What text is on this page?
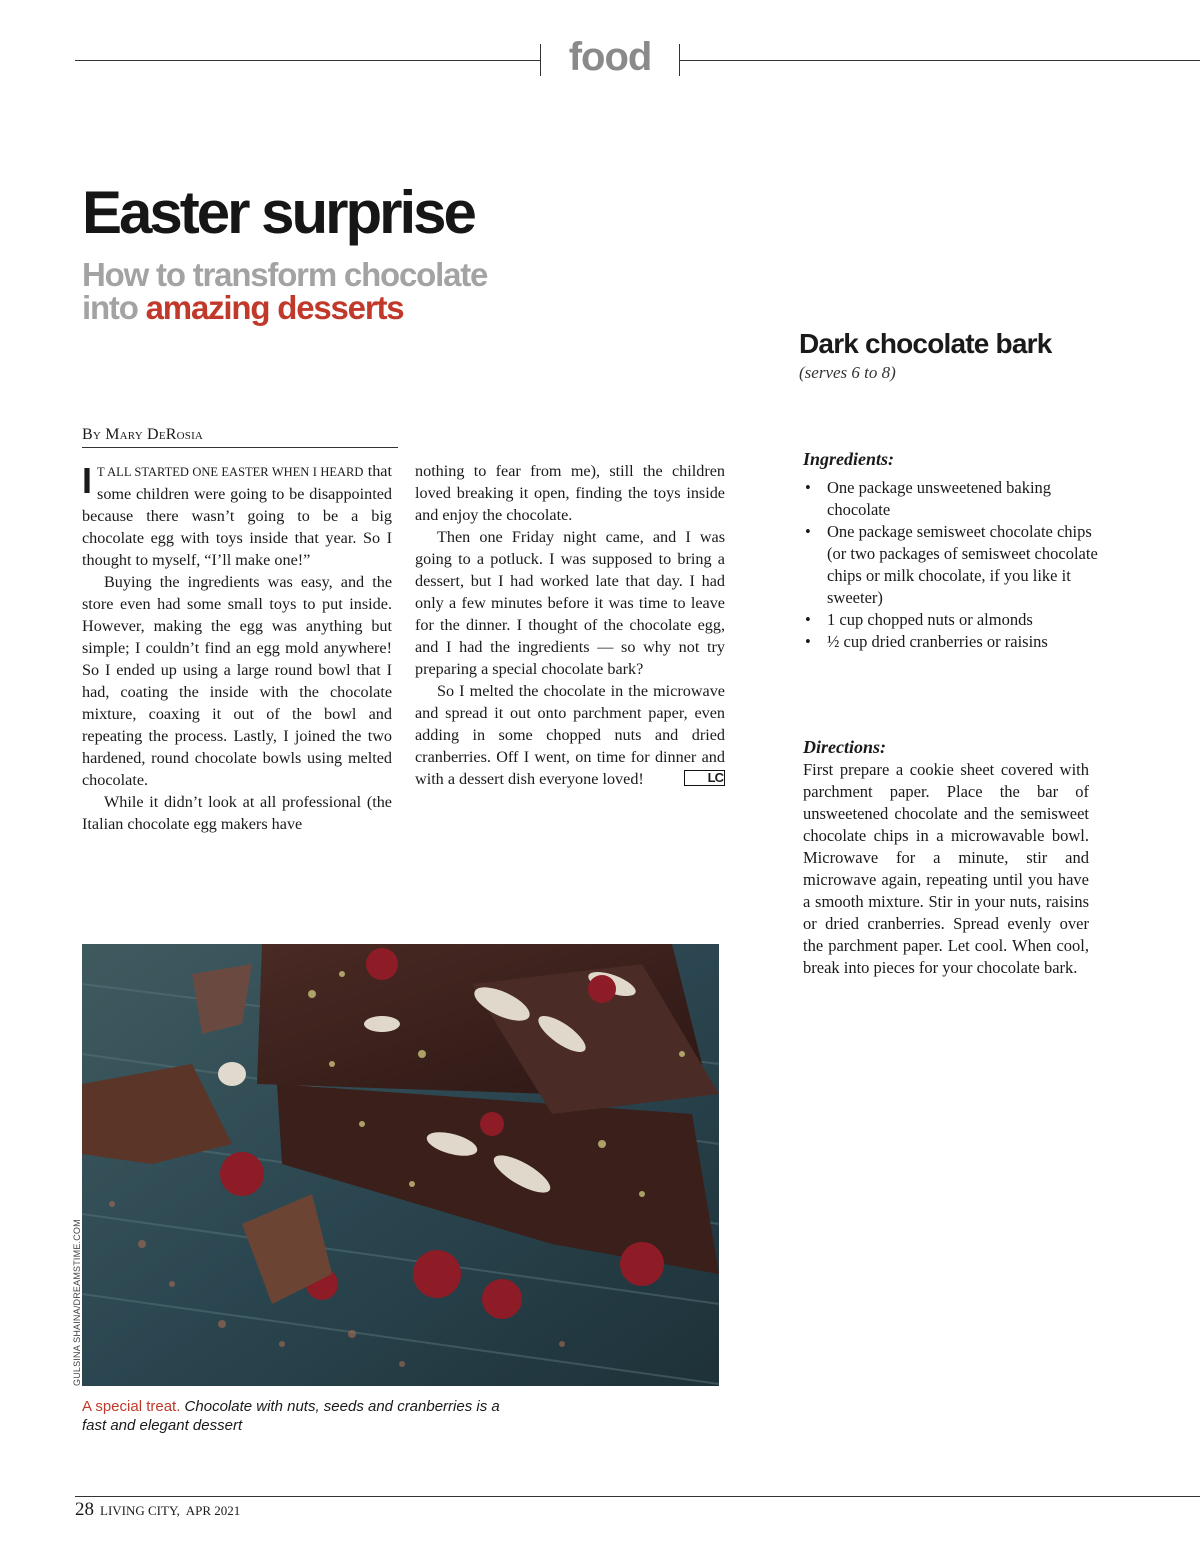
food
Easter surprise
How to transform chocolate
into amazing desserts
By Mary DeRosia

I T ALL STARTED ONE EASTER WHEN I HEARD that some children were going to be disappointed because there wasn’t going to be a big chocolate egg with toys inside that year. So I thought to myself, “I’ll make one!”

Buying the ingredients was easy, and the store even had some small toys to put inside. However, making the egg was anything but simple; I couldn’t find an egg mold anywhere! So I ended up using a large round bowl that I had, coating the inside with the chocolate mixture, coaxing it out of the bowl and repeating the process. Lastly, I joined the two hardened, round chocolate bowls using melted chocolate.

While it didn’t look at all professional (the Italian chocolate egg makers have

nothing to fear from me), still the children loved breaking it open, finding the toys inside and enjoy the chocolate.

Then one Friday night came, and I was going to a potluck. I was supposed to bring a dessert, but I had worked late that day. I had only a few minutes before it was time to leave for the dinner. I thought of the chocolate egg, and I had the ingredients — so why not try preparing a special chocolate bark?

So I melted the chocolate in the microwave and spread it out onto parchment paper, even adding in some chopped nuts and dried cranberries. Off I went, on time for dinner and with a dessert dish everyone loved!	LC

GULSINA SHAINA/DREAMSTIME.COM
A special treat. Chocolate with nuts, seeds and cranberries is a fast and elegant dessert
Dark chocolate bark
(serves 6 to 8)
Ingredients:
• One package unsweetened baking chocolate
• One package semisweet chocolate chips (or two packages of semisweet chocolate chips or milk chocolate, if you like it sweeter)
• 1 cup chopped nuts or almonds
• ½ cup dried cranberries or raisins
Directions:

First prepare a cookie sheet covered with parchment paper. Place the bar of unsweetened chocolate and the semisweet chocolate chips in a microwavable bowl. Microwave for a minute, stir and microwave again, repeating until you have a smooth mixture. Stir in your nuts, raisins or dried cranberries. Spread evenly over the parchment paper. Let cool. When cool, break into pieces for your chocolate bark.

28 LIVING CITY, APR 2021
